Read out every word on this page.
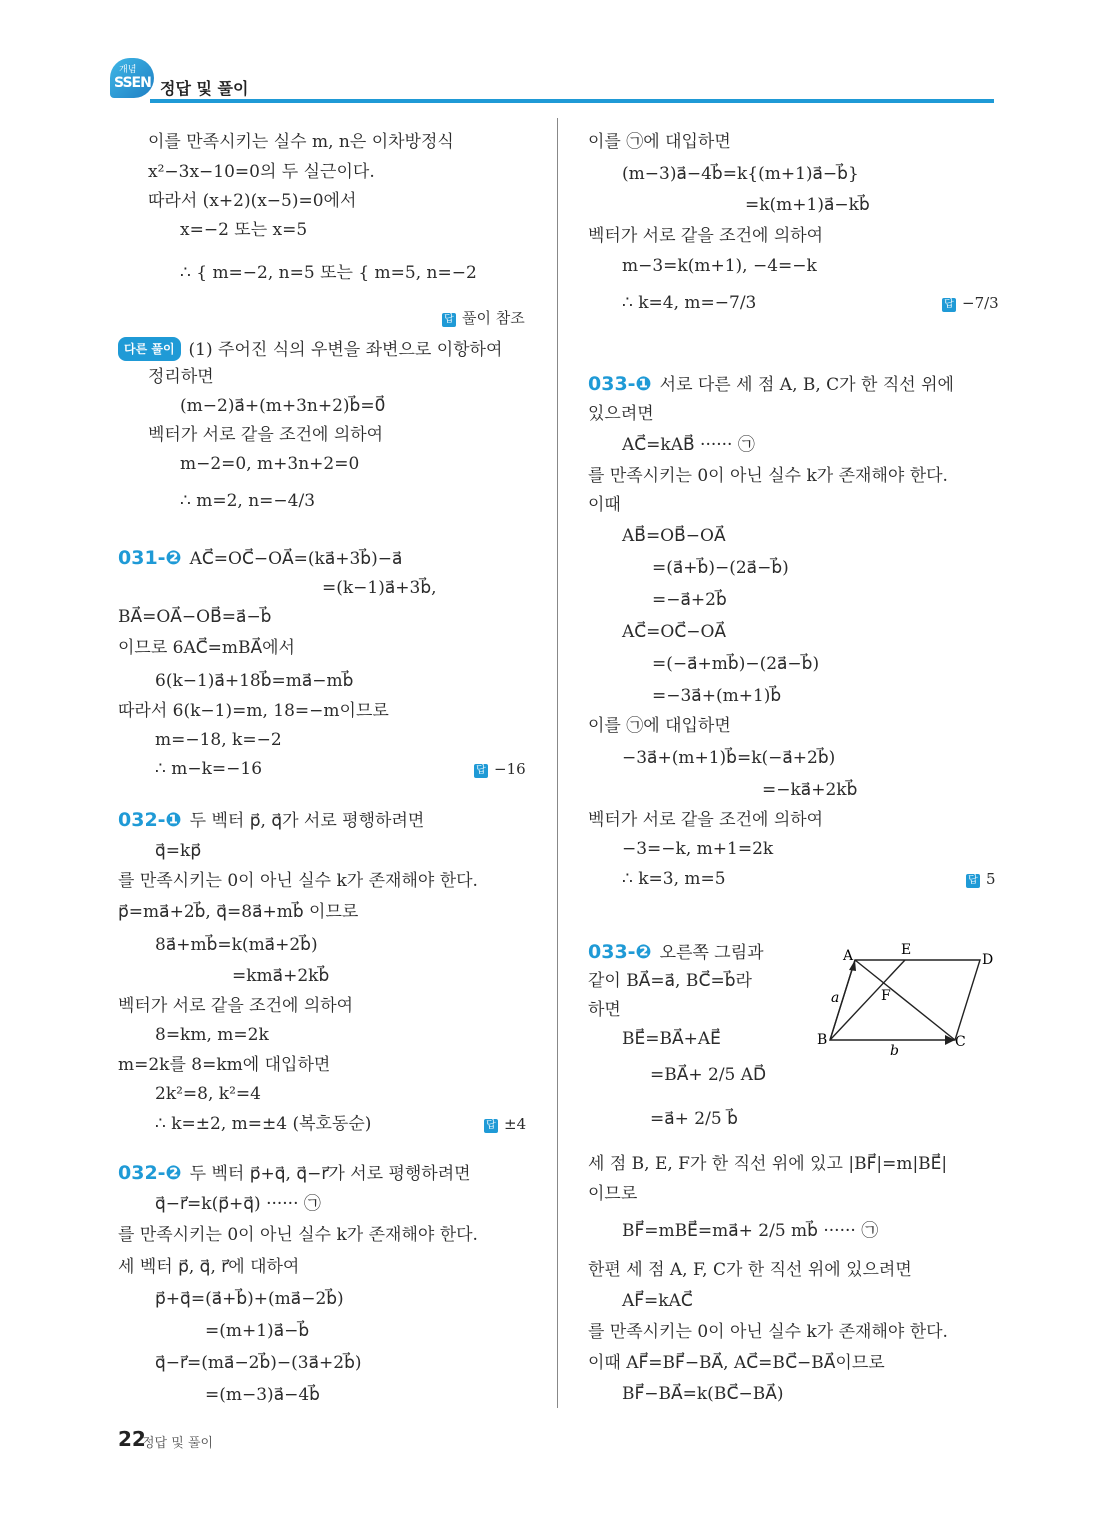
개념
SSEN 정답 및 풀이
이를 만족시키는 실수 m, n은 이차방정식
x²−3x−10=0의 두 실근이다.
따라서 (x+2)(x−5)=0에서
x=−2 또는 x=5
∴ { m=−2, n=5 또는 { m=5, n=−2
답 풀이 참조
다른 풀이 (1) 주어진 식의 우변을 좌변으로 이항하여
정리하면
(m−2)a⃗+(m+3n+2)b⃗=0⃗
벡터가 서로 같을 조건에 의하여
m−2=0, m+3n+2=0
∴ m=2, n=−4/3
031-❷ AC⃗=OC⃗−OA⃗=(ka⃗+3b⃗)−a⃗
=(k−1)a⃗+3b⃗,
BA⃗=OA⃗−OB⃗=a⃗−b⃗
이므로 6AC⃗=mBA⃗에서
6(k−1)a⃗+18b⃗=ma⃗−mb⃗
따라서 6(k−1)=m, 18=−m이므로
m=−18, k=−2
∴ m−k=−16	답 −16
032-❶ 두 벡터 p⃗, q⃗가 서로 평행하려면
q⃗=kp⃗
를 만족시키는 0이 아닌 실수 k가 존재해야 한다.
p⃗=ma⃗+2b⃗, q⃗=8a⃗+mb⃗ 이므로
8a⃗+mb⃗=k(ma⃗+2b⃗)
=kma⃗+2kb⃗
벡터가 서로 같을 조건에 의하여
8=km, m=2k
m=2k를 8=km에 대입하면
2k²=8, k²=4
∴ k=±2, m=±4 (복호동순)	답 ±4
032-❷ 두 벡터 p⃗+q⃗, q⃗−r⃗가 서로 평행하려면
q⃗−r⃗=k(p⃗+q⃗) ······ ㉠
를 만족시키는 0이 아닌 실수 k가 존재해야 한다.
세 벡터 p⃗, q⃗, r⃗에 대하여
p⃗+q⃗=(a⃗+b⃗)+(ma⃗−2b⃗)
=(m+1)a⃗−b⃗
q⃗−r⃗=(ma⃗−2b⃗)−(3a⃗+2b⃗)
=(m−3)a⃗−4b⃗
이를 ㉠에 대입하면
(m−3)a⃗−4b⃗=k{(m+1)a⃗−b⃗}
=k(m+1)a⃗−kb⃗
벡터가 서로 같을 조건에 의하여
m−3=k(m+1), −4=−k
∴ k=4, m=−7/3	답 −7/3
033-❶ 서로 다른 세 점 A, B, C가 한 직선 위에
있으려면
AC⃗=kAB⃗ ······ ㉠
를 만족시키는 0이 아닌 실수 k가 존재해야 한다.
이때
AB⃗=OB⃗−OA⃗
=(a⃗+b⃗)−(2a⃗−b⃗)
=−a⃗+2b⃗
AC⃗=OC⃗−OA⃗
=(−a⃗+mb⃗)−(2a⃗−b⃗)
=−3a⃗+(m+1)b⃗
이를 ㉠에 대입하면
−3a⃗+(m+1)b⃗=k(−a⃗+2b⃗)
=−ka⃗+2kb⃗
벡터가 서로 같을 조건에 의하여
−3=−k, m+1=2k
∴ k=3, m=5	답 5
033-❷ 오른쪽 그림과
같이 BA⃗=a⃗, BC⃗=b⃗라
하면
BE⃗=BA⃗+AE⃗
=BA⃗+ 2/5 AD⃗
=a⃗+ 2/5 b⃗
세 점 B, E, F가 한 직선 위에 있고 |BF⃗|=m|BE⃗|
이므로
BF⃗=mBE⃗=ma⃗+ 2/5 mb⃗ ······ ㉠
한편 세 점 A, F, C가 한 직선 위에 있으려면
AF⃗=kAC⃗
를 만족시키는 0이 아닌 실수 k가 존재해야 한다.
이때 AF⃗=BF⃗−BA⃗, AC⃗=BC⃗−BA⃗이므로
BF⃗−BA⃗=k(BC⃗−BA⃗)
A	E
D
a	F
B	C
b
22
정답 및 풀이
